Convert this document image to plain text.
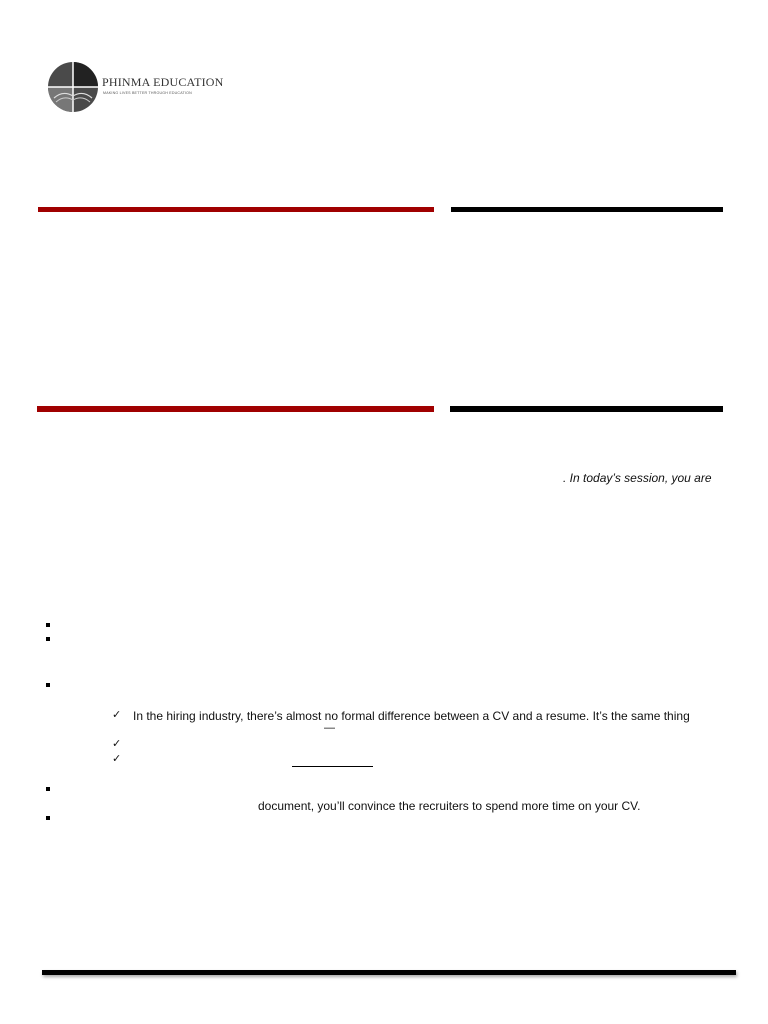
PHINMA EDUCATION
MAKING LIVES BETTER THROUGH EDUCATION
. In today’s session, you are
✓ In the hiring industry, there’s almost no formal difference between a CV and a resume. It’s the same thing
—
✓
✓
document, you’ll convince the recruiters to spend more time on your CV.
